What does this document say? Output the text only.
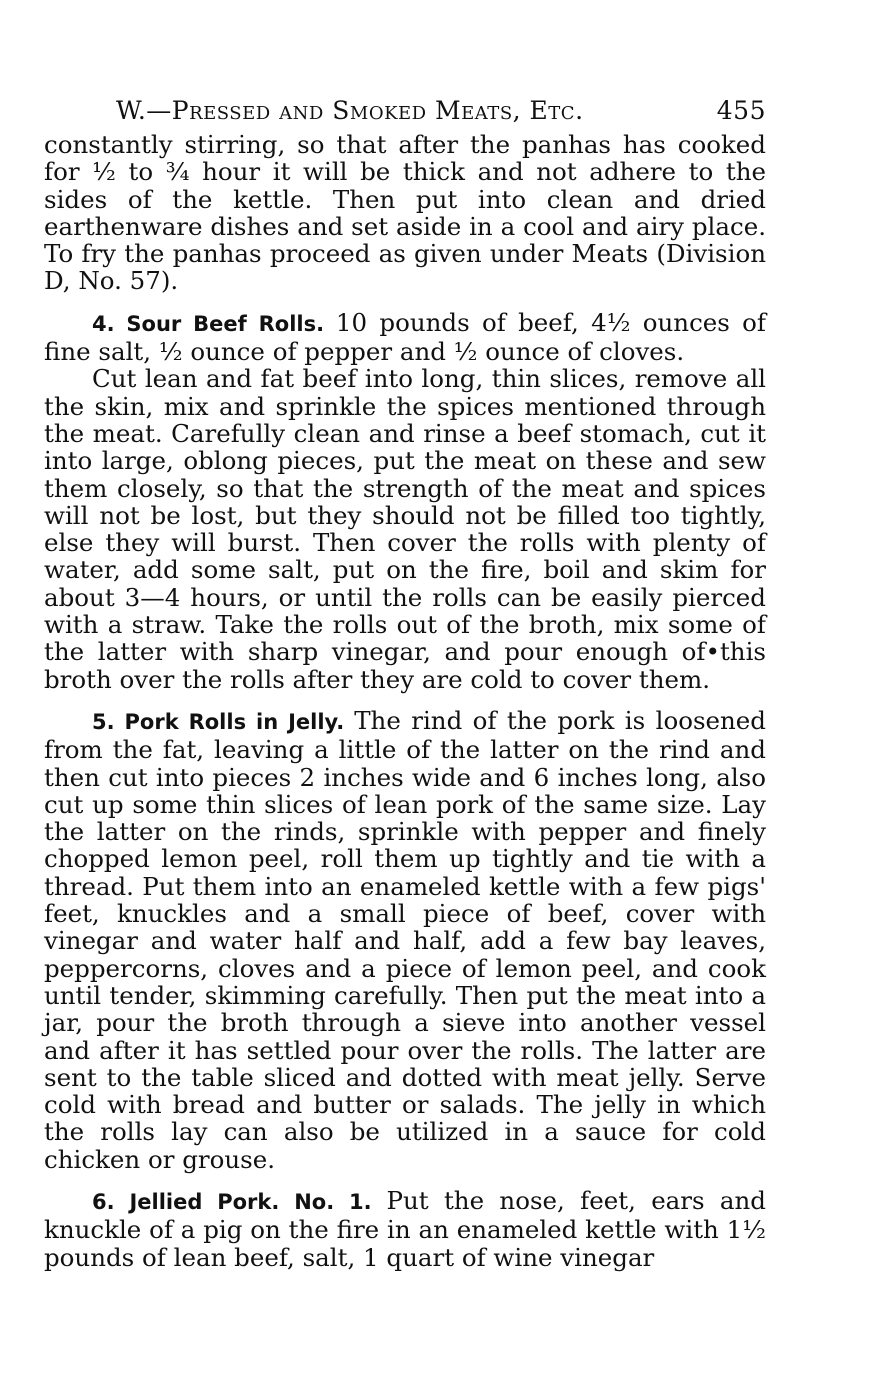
W.—Pressed and Smoked Meats, Etc.	455

constantly stirring, so that after the panhas has cooked for ½ to ¾ hour it will be thick and not adhere to the sides of the kettle. Then put into clean and dried earthenware dishes and set aside in a cool and airy place. To fry the panhas proceed as given under Meats (Division D, No. 57).

4. Sour Beef Rolls. 10 pounds of beef, 4½ ounces of fine salt, ½ ounce of pepper and ½ ounce of cloves.

Cut lean and fat beef into long, thin slices, remove all the skin, mix and sprinkle the spices mentioned through the meat. Carefully clean and rinse a beef stomach, cut it into large, oblong pieces, put the meat on these and sew them closely, so that the strength of the meat and spices will not be lost, but they should not be filled too tightly, else they will burst. Then cover the rolls with plenty of water, add some salt, put on the fire, boil and skim for about 3—4 hours, or until the rolls can be easily pierced with a straw. Take the rolls out of the broth, mix some of the latter with sharp vinegar, and pour enough of•this broth over the rolls after they are cold to cover them.

5. Pork Rolls in Jelly. The rind of the pork is loosened from the fat, leaving a little of the latter on the rind and then cut into pieces 2 inches wide and 6 inches long, also cut up some thin slices of lean pork of the same size. Lay the latter on the rinds, sprinkle with pepper and finely chopped lemon peel, roll them up tightly and tie with a thread. Put them into an enameled kettle with a few pigs' feet, knuckles and a small piece of beef, cover with vinegar and water half and half, add a few bay leaves, peppercorns, cloves and a piece of lemon peel, and cook until tender, skimming carefully. Then put the meat into a jar, pour the broth through a sieve into another vessel and after it has settled pour over the rolls. The latter are sent to the table sliced and dotted with meat jelly. Serve cold with bread and butter or salads. The jelly in which the rolls lay can also be utilized in a sauce for cold chicken or grouse.

6. Jellied Pork. No. 1. Put the nose, feet, ears and knuckle of a pig on the fire in an enameled kettle with 1½ pounds of lean beef, salt, 1 quart of wine vinegar
